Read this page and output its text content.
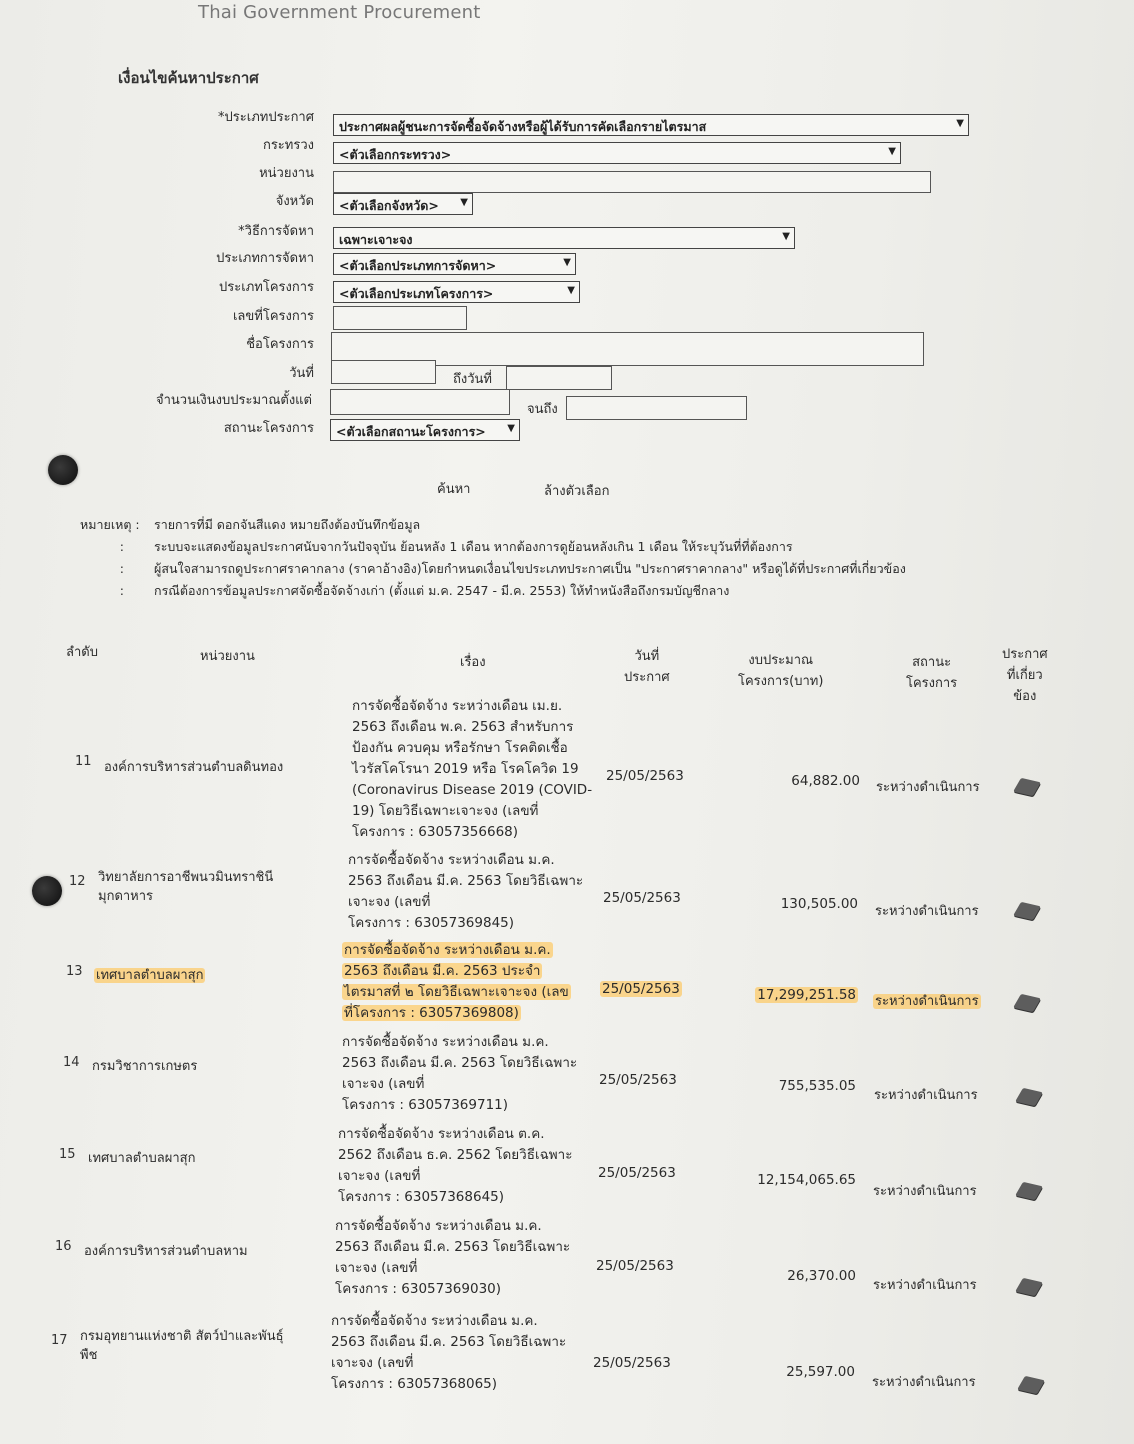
Thai Government Procurement
เงื่อนไขค้นหาประกาศ
*ประเภทประกาศ
ประกาศผลผู้ชนะการจัดซื้อจัดจ้างหรือผู้ได้รับการคัดเลือกรายไตรมาส	▼
กระทรวง
<ตัวเลือกกระทรวง>	▼
หน่วยงาน
จังหวัด	<ตัวเลือกจังหวัด> ▼
*วิธีการจัดหา
เฉพาะเจาะจง	▼
ประเภทการจัดหา	<ตัวเลือกประเภทการจัดหา>	▼
ประเภทโครงการ	<ตัวเลือกประเภทโครงการ>	▼
เลขที่โครงการ
ชื่อโครงการ
วันที่	ถึงวันที่
จำนวนเงินงบประมาณตั้งแต่
จนถึง
สถานะโครงการ	<ตัวเลือกสถานะโครงการ> ▼
ค้นหา	ล้างตัวเลือก
หมายเหตุ : รายการที่มี ดอกจันสีแดง หมายถึงต้องบันทึกข้อมูล
: ระบบจะแสดงข้อมูลประกาศนับจากวันปัจจุบัน ย้อนหลัง 1 เดือน หากต้องการดูย้อนหลังเกิน 1 เดือน ให้ระบุวันที่ที่ต้องการ
: ผู้สนใจสามารถดูประกาศราคากลาง (ราคาอ้างอิง)โดยกำหนดเงื่อนไขประเภทประกาศเป็น "ประกาศราคากลาง" หรือดูได้ที่ประกาศที่เกี่ยวข้อง
: กรณีต้องการข้อมูลประกาศจัดซื้อจัดจ้างเก่า (ตั้งแต่ ม.ค. 2547 - มี.ค. 2553) ให้ทำหนังสือถึงกรมบัญชีกลาง
ลำดับ	หน่วยงาน	เรื่อง	วันที่
ประกาศ
งบประมาณ
โครงการ(บาท)
สถานะ
โครงการ
ประกาศ
ที่เกี่ยว
ข้อง
11 องค์การบริหารส่วนตำบลดินทอง
การจัดซื้อจัดจ้าง ระหว่างเดือน เม.ย.
2563 ถึงเดือน พ.ค. 2563 สำหรับการ
ป้องกัน ควบคุม หรือรักษา โรคติดเชื้อ
ไวรัสโคโรนา 2019 หรือ โรคโควิด 19
(Coronavirus Disease 2019 (COVID-
19) โดยวิธีเฉพาะเจาะจง (เลขที่
โครงการ : 63057356668)
25/05/2563	64,882.00 ระหว่างดำเนินการ
12 วิทยาลัยการอาชีพนวมินทราชินี
มุกดาหาร
การจัดซื้อจัดจ้าง ระหว่างเดือน ม.ค.
2563 ถึงเดือน มี.ค. 2563 โดยวิธีเฉพาะ
เจาะจง (เลขที่
โครงการ : 63057369845)
25/05/2563	130,505.00 ระหว่างดำเนินการ
13 เทศบาลตำบลผาสุก
การจัดซื้อจัดจ้าง ระหว่างเดือน ม.ค.
2563 ถึงเดือน มี.ค. 2563 ประจำ
ไตรมาสที่ ๒ โดยวิธีเฉพาะเจาะจง (เลข
ที่โครงการ : 63057369808)
25/05/2563	17,299,251.58 ระหว่างดำเนินการ
14 กรมวิชาการเกษตร
การจัดซื้อจัดจ้าง ระหว่างเดือน ม.ค.
2563 ถึงเดือน มี.ค. 2563 โดยวิธีเฉพาะ
เจาะจง (เลขที่
โครงการ : 63057369711)
25/05/2563	755,535.05
ระหว่างดำเนินการ
15 เทศบาลตำบลผาสุก
การจัดซื้อจัดจ้าง ระหว่างเดือน ต.ค.
2562 ถึงเดือน ธ.ค. 2562 โดยวิธีเฉพาะ
เจาะจง (เลขที่
โครงการ : 63057368645)
25/05/2563	12,154,065.65
ระหว่างดำเนินการ
16 องค์การบริหารส่วนตำบลหาม
การจัดซื้อจัดจ้าง ระหว่างเดือน ม.ค.
2563 ถึงเดือน มี.ค. 2563 โดยวิธีเฉพาะ
เจาะจง (เลขที่
โครงการ : 63057369030)
25/05/2563
26,370.00
ระหว่างดำเนินการ
17 กรมอุทยานแห่งชาติ สัตว์ป่าและพันธุ์
พืช
การจัดซื้อจัดจ้าง ระหว่างเดือน ม.ค.
2563 ถึงเดือน มี.ค. 2563 โดยวิธีเฉพาะ
เจาะจง (เลขที่
โครงการ : 63057368065)
25/05/2563
25,597.00
ระหว่างดำเนินการ
